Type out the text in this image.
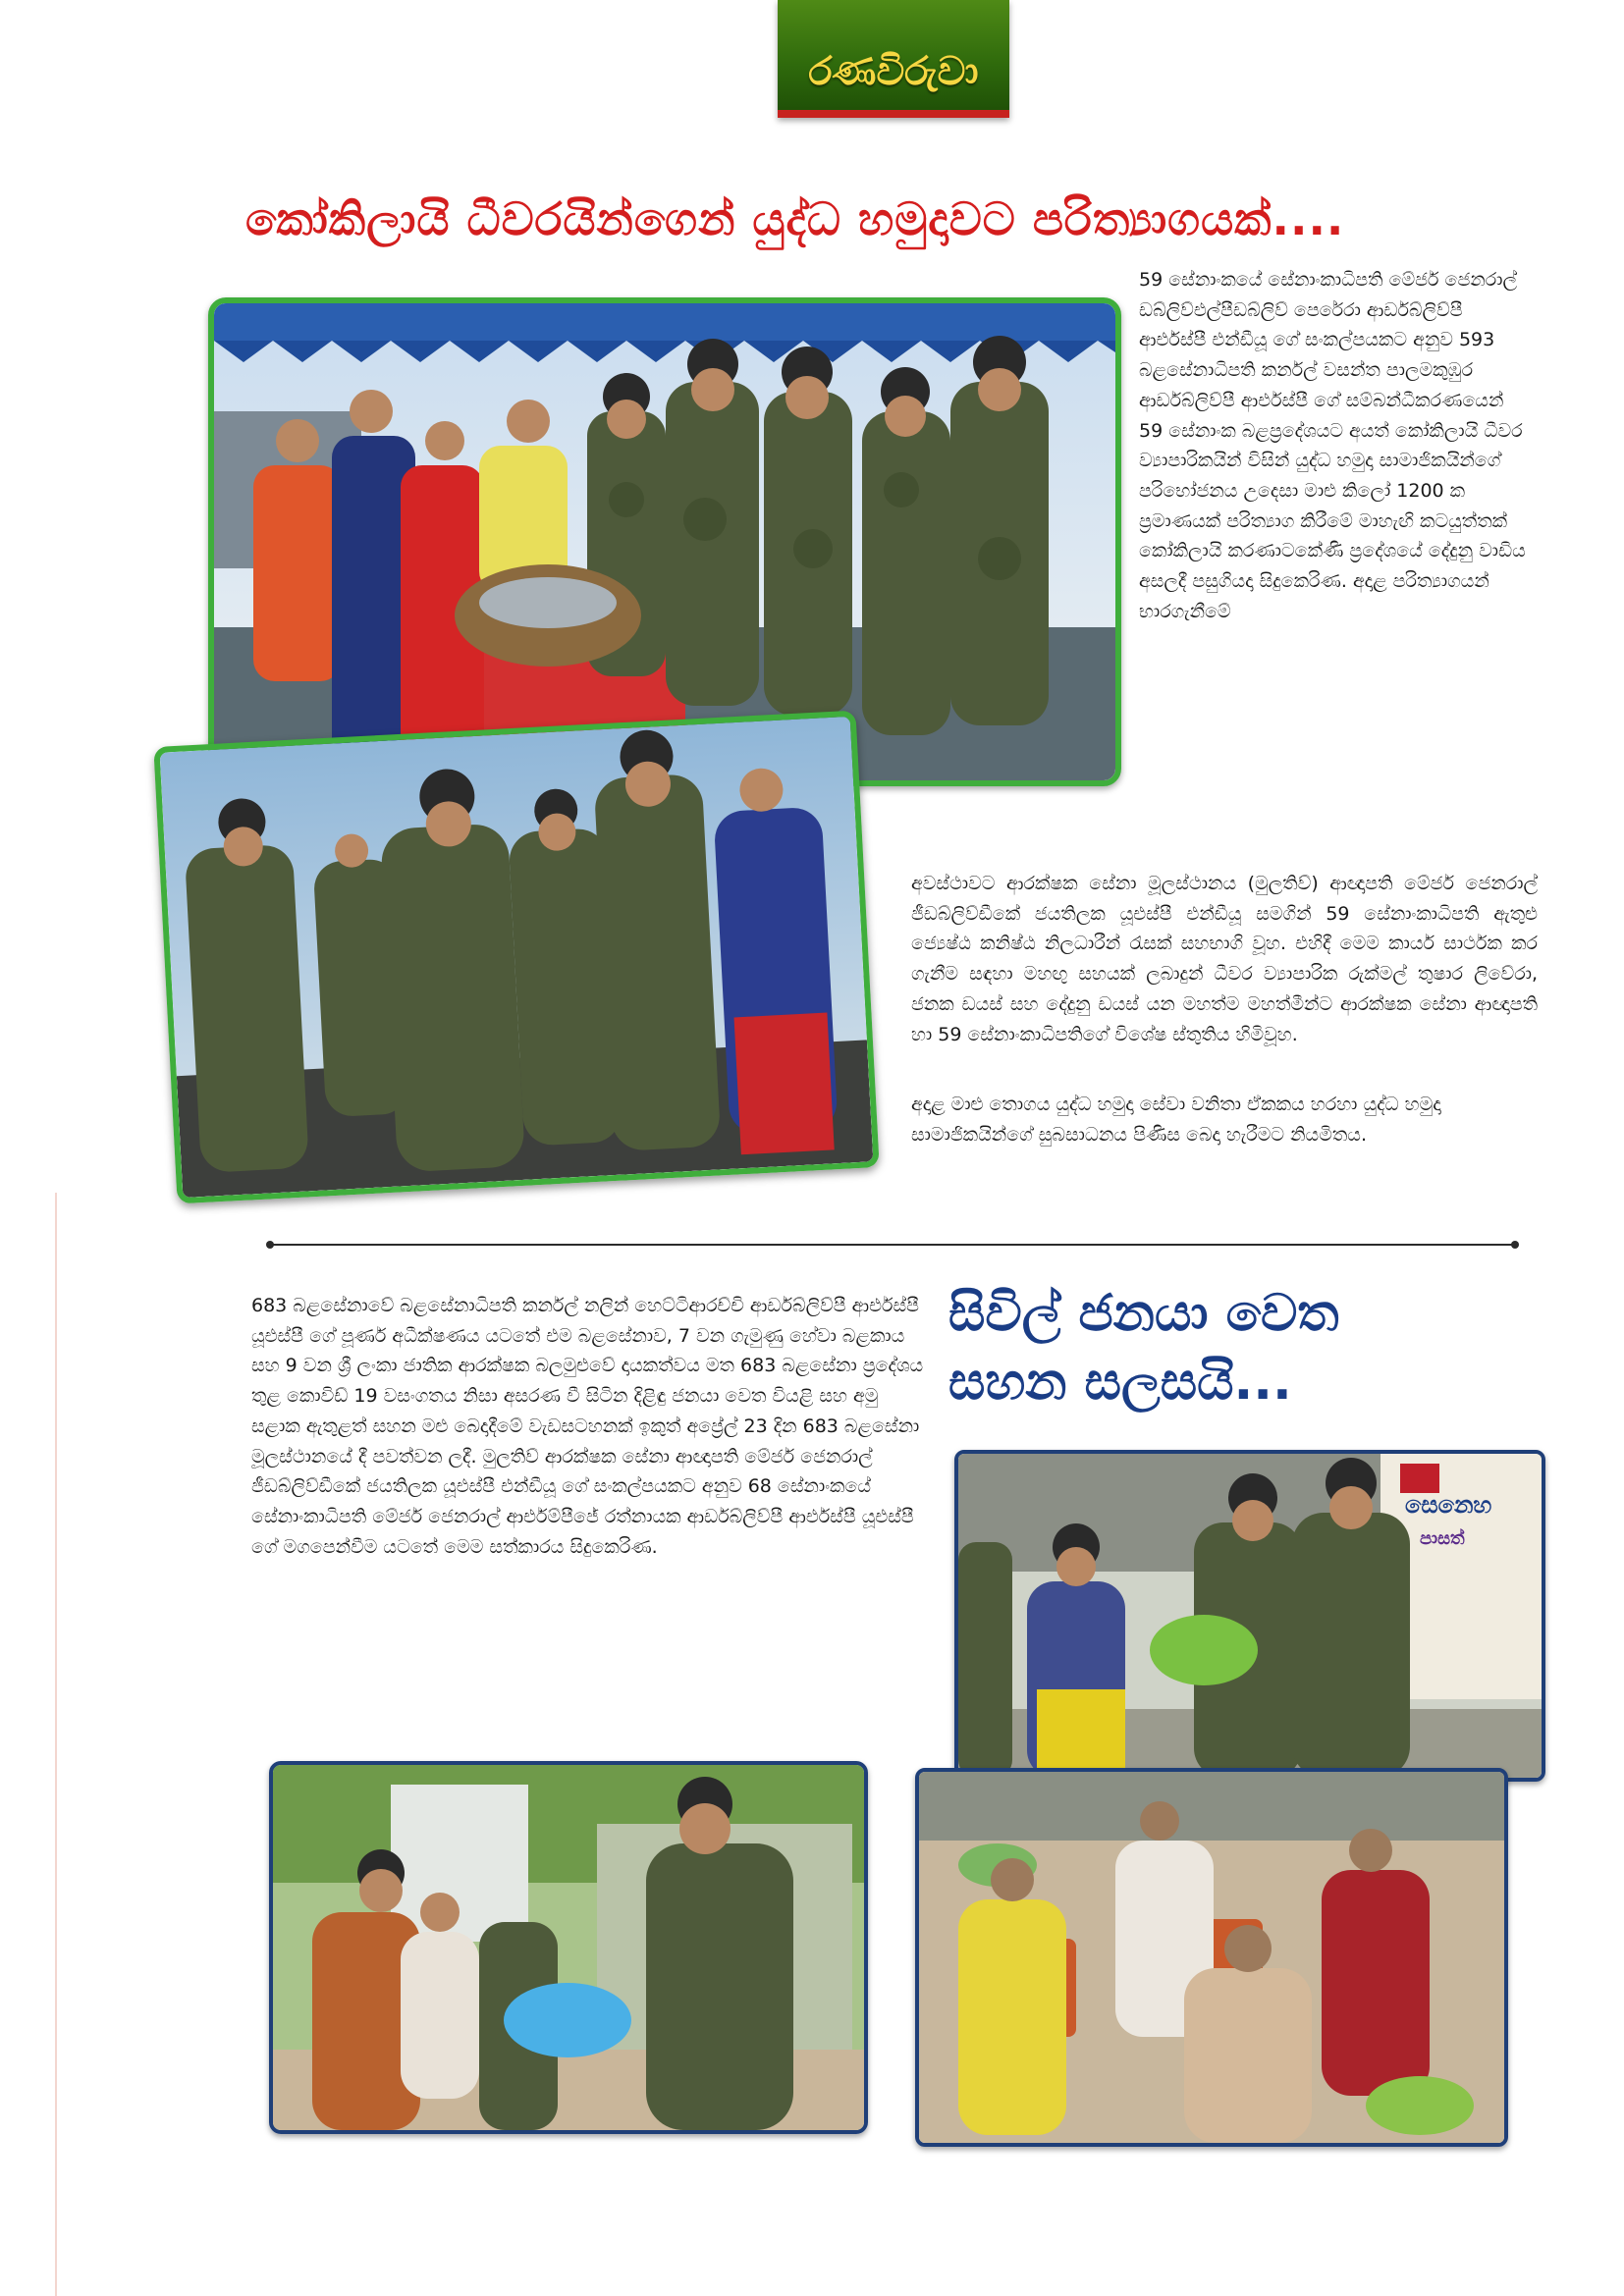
රණවිරුවා
කෝකිලායි ධීවරයින්ගෙන් යුද්ධ හමුදාවට පරිත්‍යාගයක්....
59 සේනාංකයේ සේනාංකාධිපති මේජර් ජෙනරාල් ඩබ්ලිව්එල්පීඩබ්ලිව් පෙරේරා ආර්ඩබ්ලිව්පී ආර්එස්පී එන්ඩීයූ ගේ සංකල්පයකට අනුව 593 බළසේනාධිපති කර්නල් වසන්ත පාලමකුඹුර ආර්ඩබ්ලිව්පී ආර්එස්පී ගේ සම්බන්ධීකරණයෙන් 59 සේනාංක බළප්‍රදේශයට අයත් කෝකිලායි ධීවර ව්‍යාපාරිකයින් විසින් යුද්ධ හමුදා සාමාජිකයින්ගේ පරිභෝජනය උදෙසා මාළු කිලෝ 1200 ක ප්‍රමාණයක් පරිත්‍යාග කිරීමේ මාහැඟි කටයුත්තක් කෝකිලායි කරණාටකේණි ප්‍රදේශයේ දේදුනු වාඩිය අසලදී පසුගියදා සිදුකෙරිණ. අදාළ පරිත්‍යාගයන් භාරගැනීමේ
අවස්ථාවට ආරක්ෂක සේනා මූලස්ථානය (මුලතිව්) ආඥාපති මේජර් ජෙනරාල් ජීඩබ්ලිව්ඩීකේ ජයතිලක යූඑස්පී එන්ඩීයූ සමගින් 59 සේනාංකාධිපති ඇතුළු ජ්‍යෙෂ්ඨ කනිෂ්ඨ නිලධාරීන් රැසක් සහභාගි වූහ. එහිදී මෙම කාර්ය සාර්ථක කර ගැනීම සඳහා මහඟු සහයක් ලබාදුන් ධීවර ව්‍යාපාරික රුක්මල් තුෂාර ලිවේරා, ජනක ඩයස් සහ දේදුනු ඩයස් යන මහත්ම මහත්මීන්ට ආරක්ෂක සේනා ආඥාපති හා 59 සේනාංකාධිපතිගේ විශේෂ ස්තුතිය හිමිවූහ.
අදාළ මාළු තොගය යුද්ධ හමුදා සේවා වනිතා ඒකකය හරහා යුද්ධ හමුදා සාමාජිකයින්ගේ සුබසාධනය පිණිස බෙදා හැරීමට නියමිතය.
සිවිල් ජනයා වෙත
සහන සලසයි...
683 බළසේනාවේ බළසේනාධිපති කර්නල් නලින් හෙට්ටිආරච්චි ආර්ඩබ්ලිව්පී ආර්එස්පී යූඑස්පී ගේ පූර්ණ අධීක්ෂණය යටතේ එම බළසේනාව, 7 වන ගැමුණු හේවා බළකාය සහ 9 වන ශ්‍රී ලංකා ජාතික ආරක්ෂක බලමුළුවේ දායකත්වය මත 683 බළසේනා ප්‍රදේශය තුළ කොවිඩ් 19 වසංගතය නිසා අසරණ වී සිටින දිළිඳු ජනයා වෙත වියළි සහ අමු සළාක ඇතුළත් සහන මළු බෙදාදීමේ වැඩසටහනක් ඉකුත් අප්‍රේල් 23 දින 683 බළසේනා මූලස්ථානයේ දී පවත්වන ලදී. මුලතිව් ආරක්ෂක සේනා ආඥාපති මේජර් ජෙනරාල් ජීඩබ්ලිව්ඩීකේ ජයතිලක යූඑස්පී එන්ඩීයූ ගේ සංකල්පයකට අනුව 68 සේනාංකයේ සේනාංකාධිපති මේජර් ජෙනරාල් ආර්එම්පීජේ රත්නායක ආර්ඩබ්ලිව්පී ආර්එස්පී යූඑස්පී ගේ මගපෙන්වීම යටතේ මෙම සත්කාරය සිදුකෙරිණ.
සෙනෙහ
පාසත්
